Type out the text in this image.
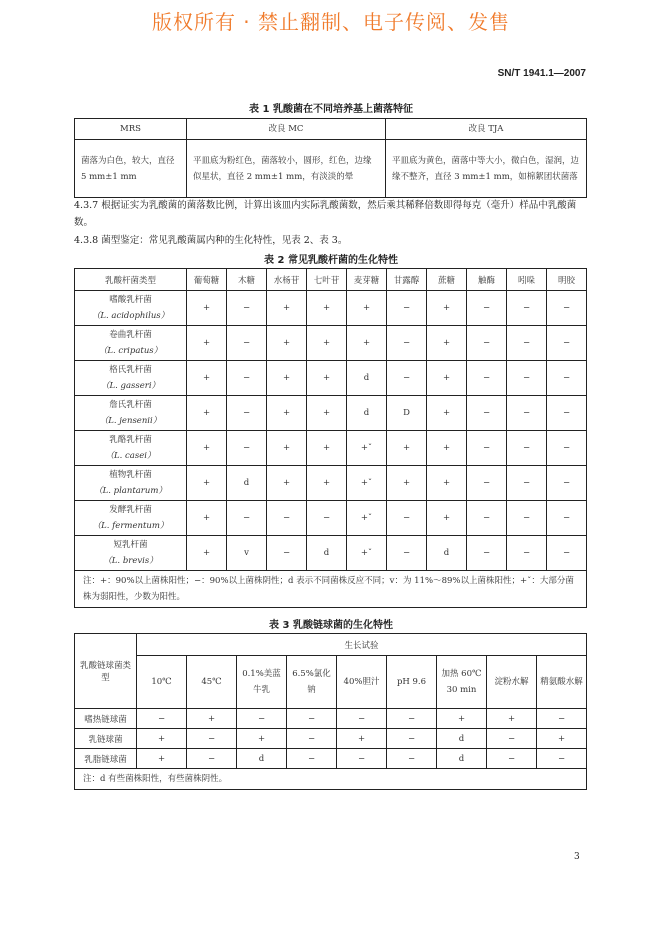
版权所有 · 禁止翻制、电子传阅、发售
SN/T 1941.1—2007
表 1 乳酸菌在不同培养基上菌落特征
MRS	改良 MC	改良 TJA
菌落为白色，较大，直径 5 mm±1 mm	平皿底为粉红色，菌落较小，圆形，红色，边缘似星状，直径 2 mm±1 mm，有淡淡的晕	平皿底为黄色，菌落中等大小，微白色，湿润，边缘不整齐，直径 3 mm±1 mm，如棉絮团状菌落
4.3.7 根据证实为乳酸菌的菌落数比例，计算出该皿内实际乳酸菌数，然后乘其稀释倍数即得每克（毫升）样品中乳酸菌数。
4.3.8 菌型鉴定：常见乳酸菌属内种的生化特性，见表 2、表 3。
表 2 常见乳酸杆菌的生化特性
乳酸杆菌类型	葡萄糖	木糖	水杨苷	七叶苷	麦芽糖	甘露醇	蔗糖	触酶	吲哚	明胶

嗜酸乳杆菌
（L. acidophilus）	+	−	+	+	+	−	+	−	−	−

卷曲乳杆菌
（L. cripatus）	+	−	+	+	+	−	+	−	−	−

格氏乳杆菌
（L. gasseri）	+	−	+	+	d	−	+	−	−	−

詹氏乳杆菌
（L. jensenii）	+	−	+	+	d	D	+	−	−	−

乳酪乳杆菌
（L. casei）	+	−	+	+	+ˇ	+	+	−	−	−

植物乳杆菌
（L. plantarum）	+	d	+	+	+ˇ	+	+	−	−	−

发酵乳杆菌
（L. fermentum）	+	−	−	−	+ˇ	−	+	−	−	−

短乳杆菌
（L. brevis）	+	v	−	d	+ˇ	−	d	−	−	−
注：+：90%以上菌株阳性；−：90%以上菌株阴性；d 表示不同菌株反应不同；v：为 11%～89%以上菌株阳性；+ˇ：大部分菌株为弱阳性，少数为阳性。										
表 3 乳酸链球菌的生化特性
乳酸链球菌类型	生长试验								
	10℃	45℃	0.1%美蓝牛乳	6.5%氯化钠	40%胆汁	pH 9.6	加热 60℃ 30 min	淀粉水解	精氨酸水解
嗜热链球菌	−	+	−	−	−	−	+	+	−
乳链球菌	+	−	+	−	+	−	d	−	+
乳脂链球菌	+	−	d	−	−	−	d	−	−
注：d 有些菌株阳性，有些菌株阴性。									
3
